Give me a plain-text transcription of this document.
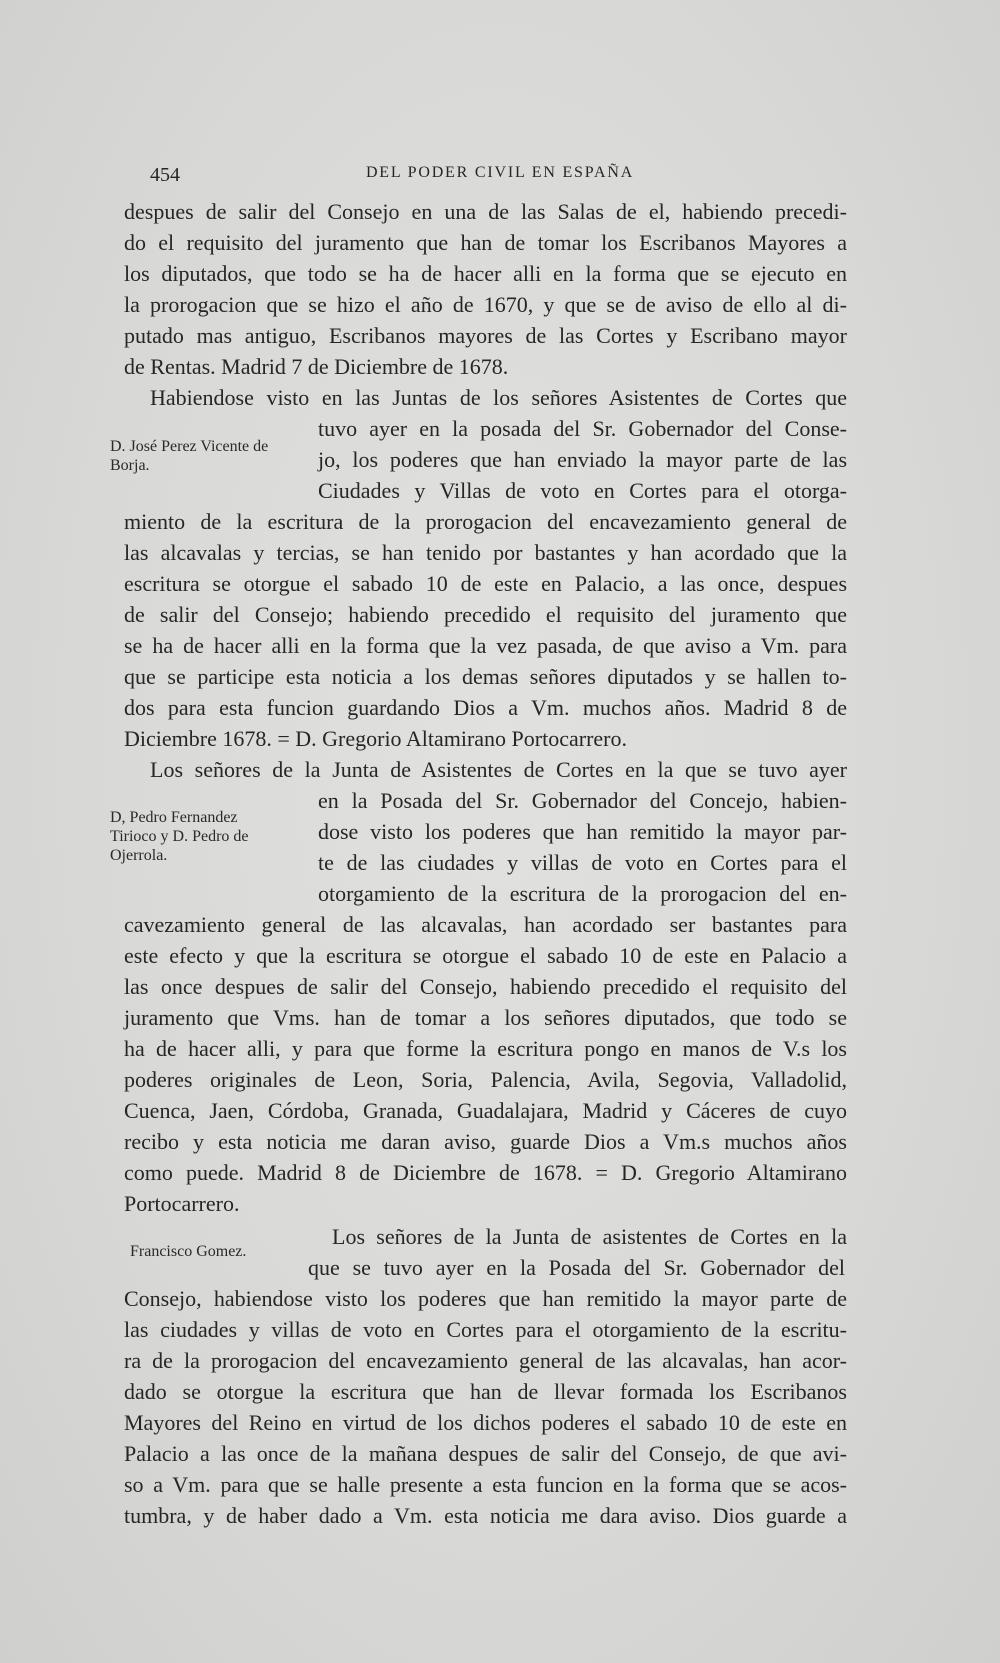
454	DEL PODER CIVIL EN ESPAÑA
despues de salir del Consejo en una de las Salas de el, habiendo precedi-
do el requisito del juramento que han de tomar los Escribanos Mayores a
los diputados, que todo se ha de hacer alli en la forma que se ejecuto en
la prorogacion que se hizo el año de 1670, y que se de aviso de ello al di-
putado mas antiguo, Escribanos mayores de las Cortes y Escribano mayor
de Rentas. Madrid 7 de Diciembre de 1678.
Habiendose visto en las Juntas de los señores Asistentes de Cortes que
tuvo ayer en la posada del Sr. Gobernador del Conse-
jo, los poderes que han enviado la mayor parte de las
Ciudades y Villas de voto en Cortes para el otorga-
D. José Perez Vicente de Borja.
miento de la escritura de la prorogacion del encavezamiento general de
las alcavalas y tercias, se han tenido por bastantes y han acordado que la
escritura se otorgue el sabado 10 de este en Palacio, a las once, despues
de salir del Consejo; habiendo precedido el requisito del juramento que
se ha de hacer alli en la forma que la vez pasada, de que aviso a Vm. para
que se participe esta noticia a los demas señores diputados y se hallen to-
dos para esta funcion guardando Dios a Vm. muchos años. Madrid 8 de
Diciembre 1678. = D. Gregorio Altamirano Portocarrero.
Los señores de la Junta de Asistentes de Cortes en la que se tuvo ayer
en la Posada del Sr. Gobernador del Concejo, habien-
dose visto los poderes que han remitido la mayor par-
te de las ciudades y villas de voto en Cortes para el
otorgamiento de la escritura de la prorogacion del en-
D, Pedro Fernandez Tirioco y D. Pedro de Ojerrola.
cavezamiento general de las alcavalas, han acordado ser bastantes para
este efecto y que la escritura se otorgue el sabado 10 de este en Palacio a
las once despues de salir del Consejo, habiendo precedido el requisito del
juramento que Vms. han de tomar a los señores diputados, que todo se
ha de hacer alli, y para que forme la escritura pongo en manos de V.s los
poderes originales de Leon, Soria, Palencia, Avila, Segovia, Valladolid,
Cuenca, Jaen, Córdoba, Granada, Guadalajara, Madrid y Cáceres de cuyo
recibo y esta noticia me daran aviso, guarde Dios a Vm.s muchos años
como puede. Madrid 8 de Diciembre de 1678. = D. Gregorio Altamirano
Portocarrero.
Los señores de la Junta de asistentes de Cortes en la
que se tuvo ayer en la Posada del Sr. Gobernador del
Francisco Gomez.
Consejo, habiendose visto los poderes que han remitido la mayor parte de
las ciudades y villas de voto en Cortes para el otorgamiento de la escritu-
ra de la prorogacion del encavezamiento general de las alcavalas, han acor-
dado se otorgue la escritura que han de llevar formada los Escribanos
Mayores del Reino en virtud de los dichos poderes el sabado 10 de este en
Palacio a las once de la mañana despues de salir del Consejo, de que avi-
so a Vm. para que se halle presente a esta funcion en la forma que se acos-
tumbra, y de haber dado a Vm. esta noticia me dara aviso. Dios guarde a
